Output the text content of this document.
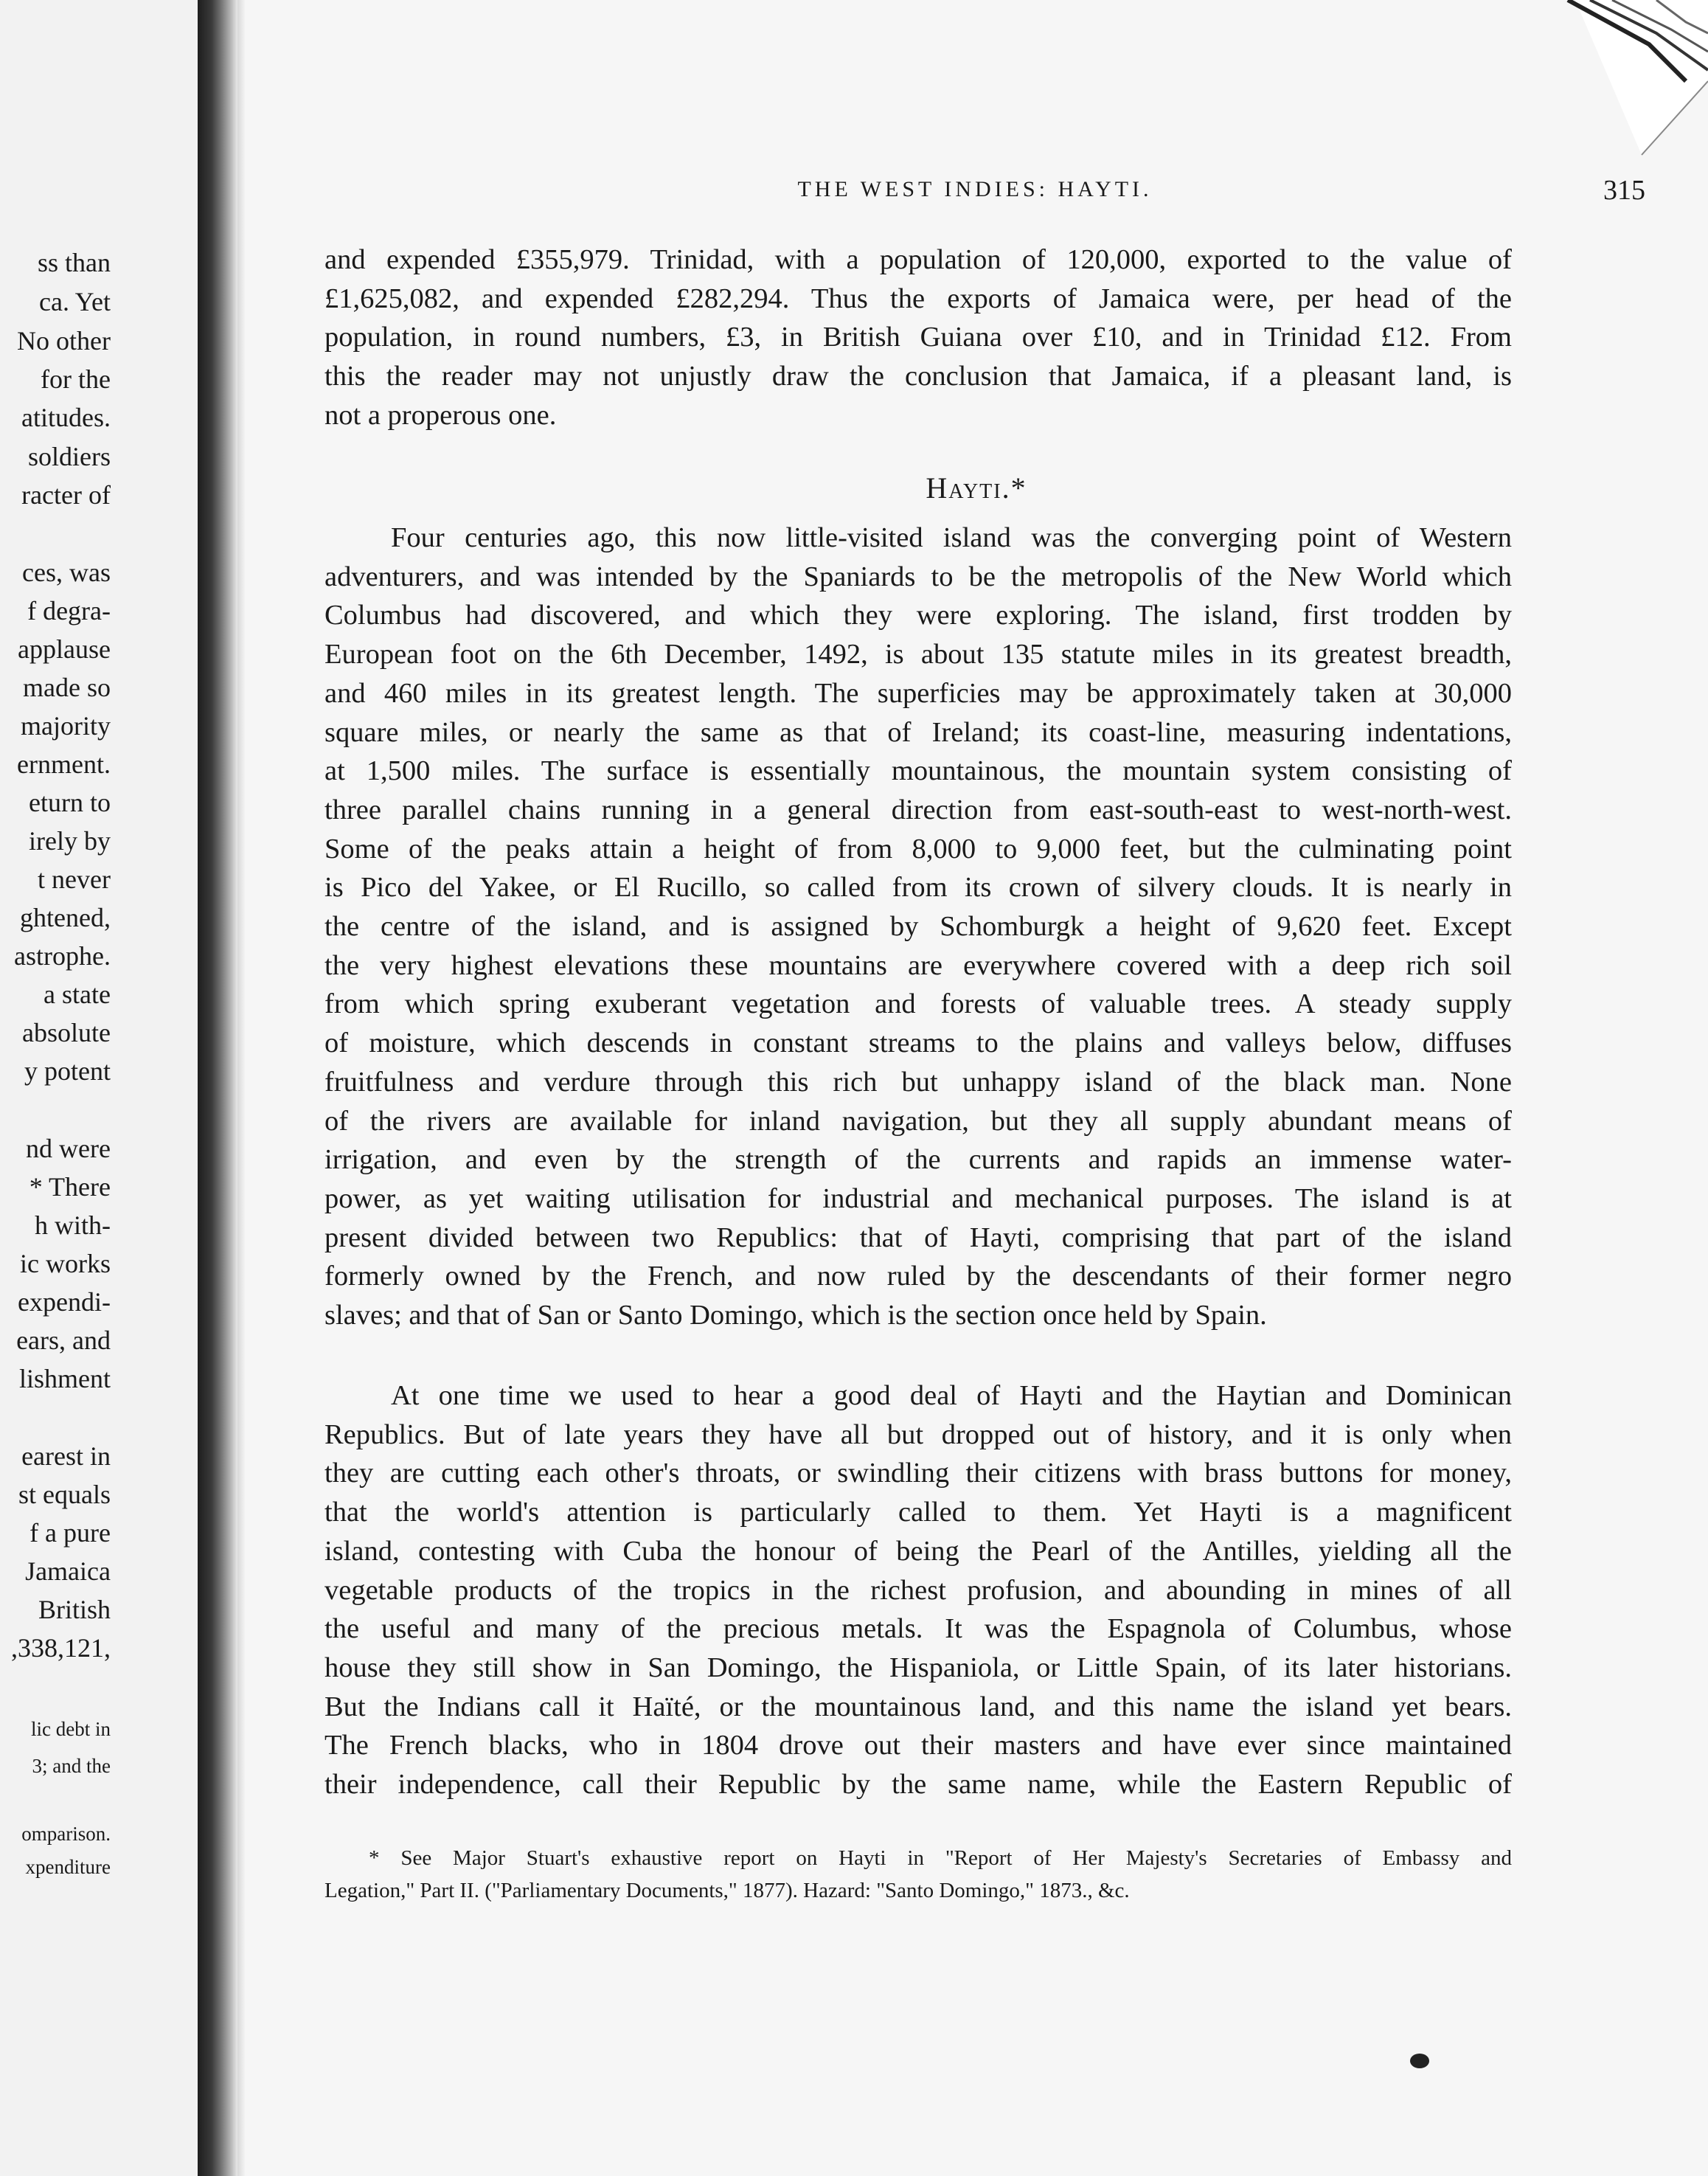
ss than
ca. Yet
No other
for the
atitudes.
soldiers
racter of
ces, was
f degra-
applause
made so
majority
ernment.
eturn to
irely by
t never
ghtened,
astrophe.
a state
absolute
y potent
nd were
* There
h with-
ic works
expendi-
ears, and
lishment
earest in
st equals
f a pure
Jamaica
British
,338,121,
lic debt in
3; and the
omparison.
xpenditure
THE WEST INDIES: HAYTI.	315
and expended £355,979. Trinidad, with a population of 120,000, exported to the value of
£1,625,082, and expended £282,294. Thus the exports of Jamaica were, per head of the
population, in round numbers, £3, in British Guiana over £10, and in Trinidad £12. From
this the reader may not unjustly draw the conclusion that Jamaica, if a pleasant land, is
not a properous one.
Hayti.*
Four centuries ago, this now little-visited island was the converging point of Western
adventurers, and was intended by the Spaniards to be the metropolis of the New World which
Columbus had discovered, and which they were exploring. The island, first trodden by
European foot on the 6th December, 1492, is about 135 statute miles in its greatest breadth,
and 460 miles in its greatest length. The superficies may be approximately taken at 30,000
square miles, or nearly the same as that of Ireland; its coast-line, measuring indentations,
at 1,500 miles. The surface is essentially mountainous, the mountain system consisting of
three parallel chains running in a general direction from east-south-east to west-north-west.
Some of the peaks attain a height of from 8,000 to 9,000 feet, but the culminating point
is Pico del Yakee, or El Rucillo, so called from its crown of silvery clouds. It is nearly in
the centre of the island, and is assigned by Schomburgk a height of 9,620 feet. Except
the very highest elevations these mountains are everywhere covered with a deep rich soil
from which spring exuberant vegetation and forests of valuable trees. A steady supply
of moisture, which descends in constant streams to the plains and valleys below, diffuses
fruitfulness and verdure through this rich but unhappy island of the black man. None
of the rivers are available for inland navigation, but they all supply abundant means of
irrigation, and even by the strength of the currents and rapids an immense water-
power, as yet waiting utilisation for industrial and mechanical purposes. The island is at
present divided between two Republics: that of Hayti, comprising that part of the island
formerly owned by the French, and now ruled by the descendants of their former negro
slaves; and that of San or Santo Domingo, which is the section once held by Spain.
At one time we used to hear a good deal of Hayti and the Haytian and Dominican
Republics. But of late years they have all but dropped out of history, and it is only when
they are cutting each other's throats, or swindling their citizens with brass buttons for money,
that the world's attention is particularly called to them. Yet Hayti is a magnificent
island, contesting with Cuba the honour of being the Pearl of the Antilles, yielding all the
vegetable products of the tropics in the richest profusion, and abounding in mines of all
the useful and many of the precious metals. It was the Espagnola of Columbus, whose
house they still show in San Domingo, the Hispaniola, or Little Spain, of its later historians.
But the Indians call it Haïté, or the mountainous land, and this name the island yet bears.
The French blacks, who in 1804 drove out their masters and have ever since maintained
their independence, call their Republic by the same name, while the Eastern Republic of
* See Major Stuart's exhaustive report on Hayti in "Report of Her Majesty's Secretaries of Embassy and
Legation," Part II. ("Parliamentary Documents," 1877). Hazard: "Santo Domingo," 1873., &c.
